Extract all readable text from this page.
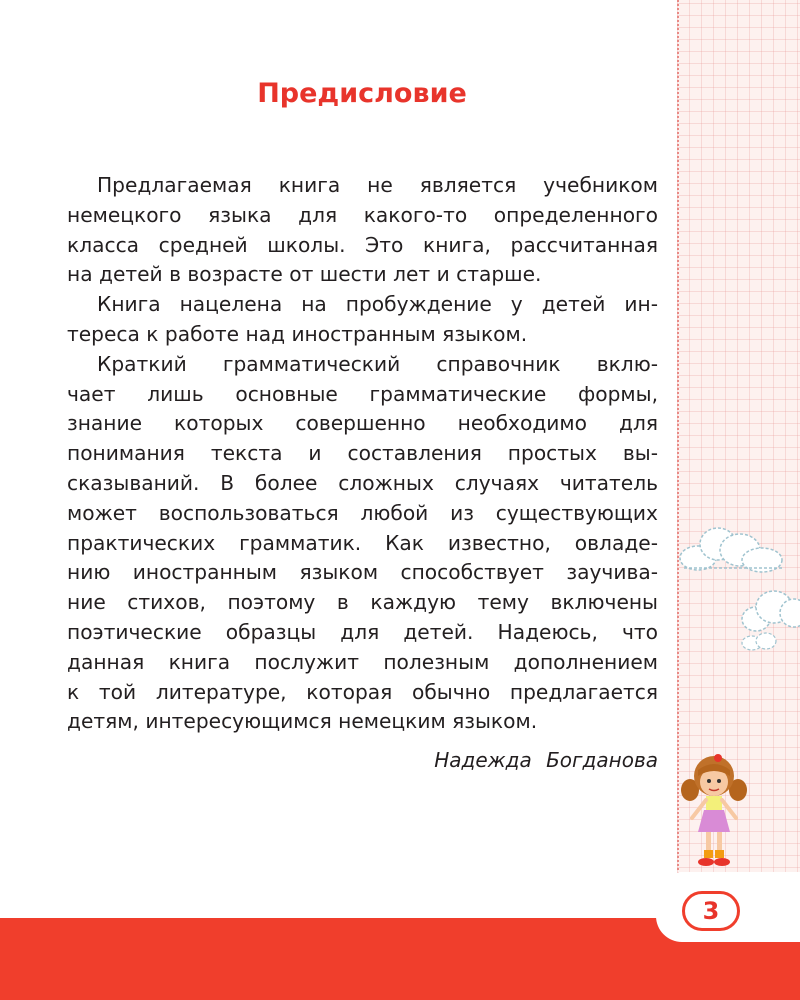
3
Предисловие
Предлагаемая книга не является учебником
немецкого языка для какого-то определенного
класса средней школы. Это книга, рассчитанная
на детей в возрасте от шести лет и старше.
Книга нацелена на пробуждение у детей ин-
тереса к работе над иностранным языком.
Краткий грамматический справочник вклю-
чает лишь основные грамматические формы,
знание которых совершенно необходимо для
понимания текста и составления простых вы-
сказываний. В более сложных случаях читатель
может воспользоваться любой из существующих
практических грамматик. Как известно, овладе-
нию иностранным языком способствует заучива-
ние стихов, поэтому в каждую тему включены
поэтические образцы для детей. Надеюсь, что
данная книга послужит полезным дополнением
к той литературе, которая обычно предлагается
детям, интересующимся немецким языком.
Надежда Богданова
